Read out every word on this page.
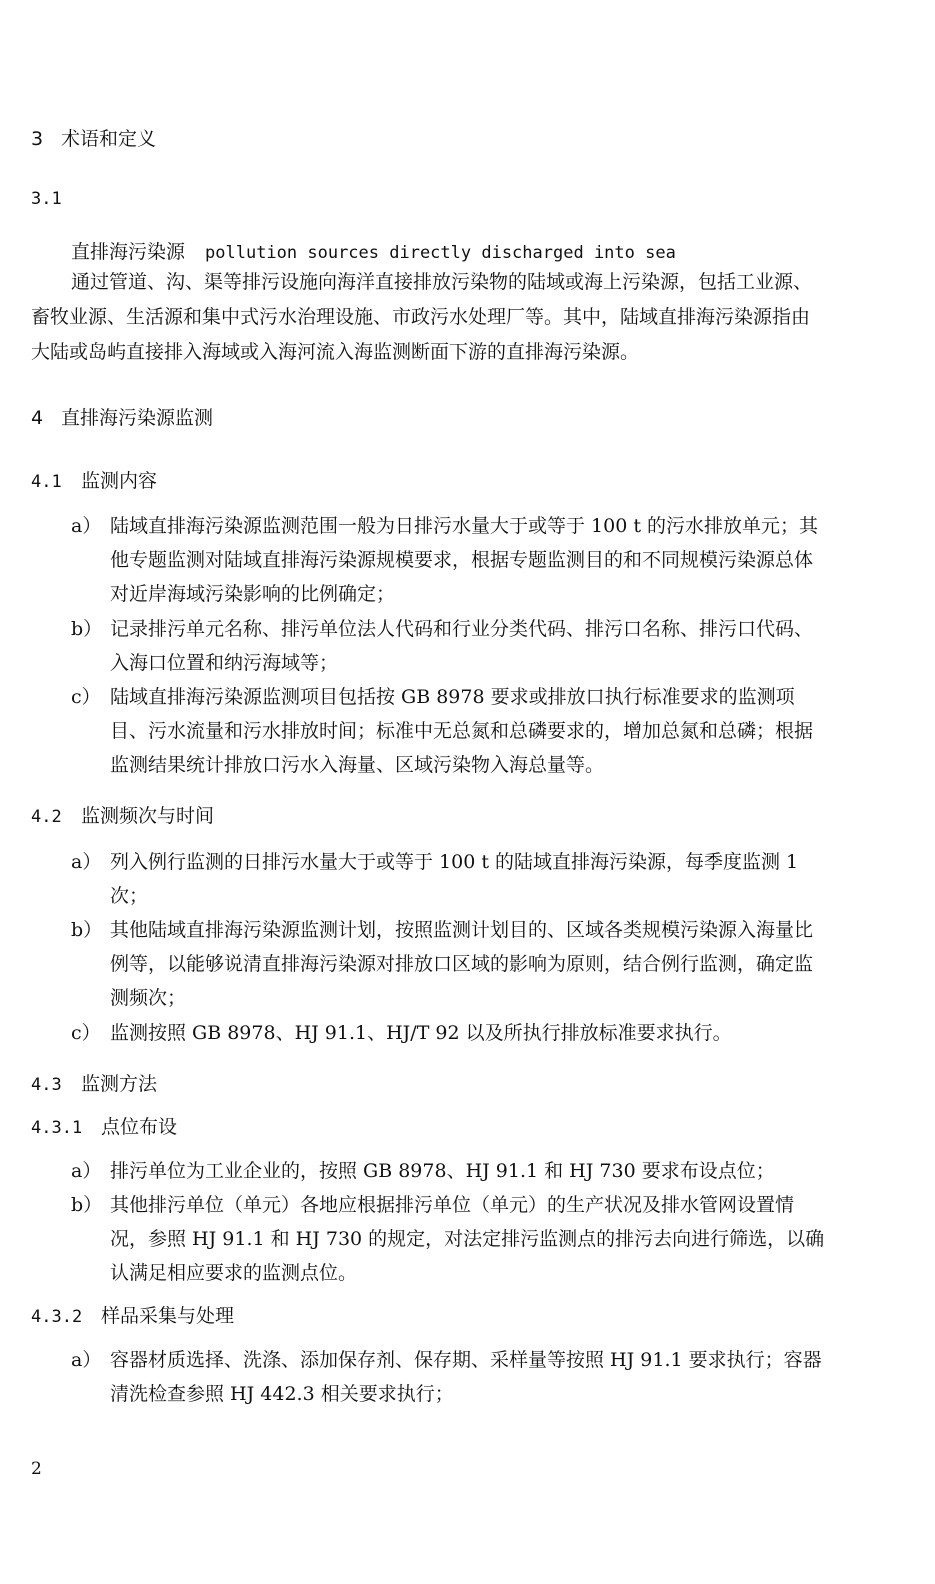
3 术语和定义
3.1
直排海污染源 pollution sources directly discharged into sea
通过管道、沟、渠等排污设施向海洋直接排放污染物的陆域或海上污染源，包括工业源、畜牧业源、生活源和集中式污水治理设施、市政污水处理厂等。其中，陆域直排海污染源指由大陆或岛屿直接排入海域或入海河流入海监测断面下游的直排海污染源。
4 直排海污染源监测
4.1 监测内容
a） 陆域直排海污染源监测范围一般为日排污水量大于或等于 100 t 的污水排放单元；其他专题监测对陆域直排海污染源规模要求，根据专题监测目的和不同规模污染源总体对近岸海域污染影响的比例确定；
b） 记录排污单元名称、排污单位法人代码和行业分类代码、排污口名称、排污口代码、入海口位置和纳污海域等；
c） 陆域直排海污染源监测项目包括按 GB 8978 要求或排放口执行标准要求的监测项目、污水流量和污水排放时间；标准中无总氮和总磷要求的，增加总氮和总磷；根据监测结果统计排放口污水入海量、区域污染物入海总量等。
4.2 监测频次与时间
a） 列入例行监测的日排污水量大于或等于 100 t 的陆域直排海污染源，每季度监测 1 次；
b） 其他陆域直排海污染源监测计划，按照监测计划目的、区域各类规模污染源入海量比例等，以能够说清直排海污染源对排放口区域的影响为原则，结合例行监测，确定监测频次；
c） 监测按照 GB 8978、HJ 91.1、HJ/T 92 以及所执行排放标准要求执行。
4.3 监测方法
4.3.1 点位布设
a） 排污单位为工业企业的，按照 GB 8978、HJ 91.1 和 HJ 730 要求布设点位；
b） 其他排污单位（单元）各地应根据排污单位（单元）的生产状况及排水管网设置情况，参照 HJ 91.1 和 HJ 730 的规定，对法定排污监测点的排污去向进行筛选，以确认满足相应要求的监测点位。
4.3.2 样品采集与处理
a） 容器材质选择、洗涤、添加保存剂、保存期、采样量等按照 HJ 91.1 要求执行；容器清洗检查参照 HJ 442.3 相关要求执行；
2
